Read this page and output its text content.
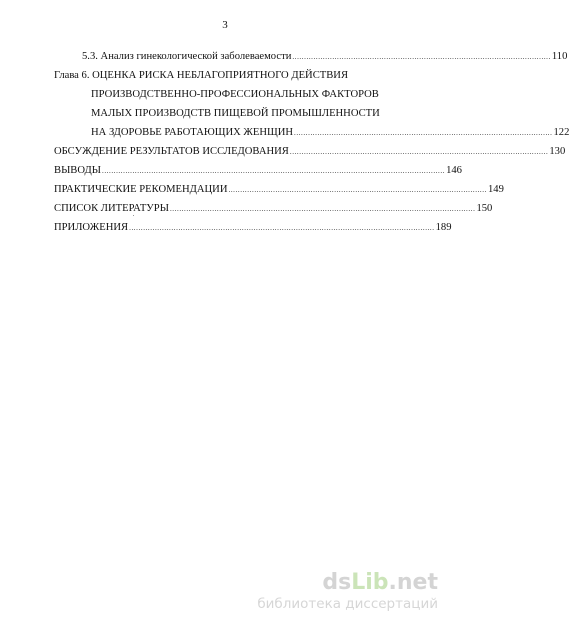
3
5.3. Анализ гинекологической заболеваемости .............................................................................................................. 110
Глава 6. ОЦЕНКА РИСКА НЕБЛАГОПРИЯТНОГО ДЕЙСТВИЯ
ПРОИЗВОДСТВЕННО-ПРОФЕССИОНАЛЬНЫХ ФАКТОРОВ
МАЛЫХ ПРОИЗВОДСТВ ПИЩЕВОЙ ПРОМЫШЛЕННОСТИ
НА ЗДОРОВЬЕ РАБОТАЮЩИХ ЖЕНЩИН .............................................................................................................. 122
ОБСУЖДЕНИЕ РЕЗУЛЬТАТОВ ИССЛЕДОВАНИЯ .............................................................................................................. 130
ВЫВОДЫ .................................................................................................................................................. 146
ПРАКТИЧЕСКИЕ РЕКОМЕНДАЦИИ .............................................................................................................. 149
СПИСОК ЛИТЕРАТУРЫ .................................................................................................................................. 150
ПРИЛОЖЕНИЯ .................................................................................................................................. 189
dsLib.net
библиотека диссертаций
